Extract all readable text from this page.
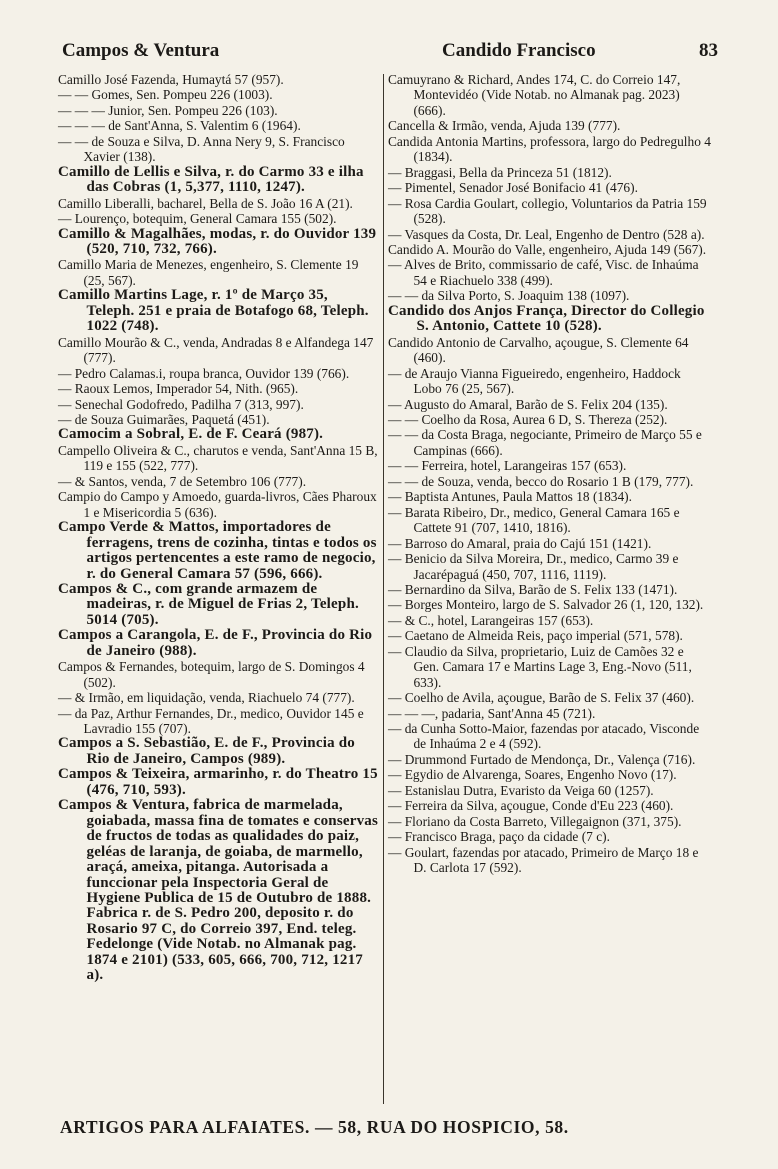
Campos & Ventura	Candido Francisco	83

Camillo José Fazenda, Humaytá 57 (957).

— — Gomes, Sen. Pompeu 226 (1003).

— — — Junior, Sen. Pompeu 226 (103).

— — — de Sant'Anna, S. Valentim 6 (1964).

— — de Souza e Silva, D. Anna Nery 9, S. Francisco Xavier (138).

Camillo de Lellis e Silva, r. do Carmo 33 e ilha das Cobras (1, 5,377, 1110, 1247).

Camillo Liberalli, bacharel, Bella de S. João 16 A (21).

— Lourenço, botequim, General Camara 155 (502).

Camillo & Magalhães, modas, r. do Ouvidor 139 (520, 710, 732, 766).

Camillo Maria de Menezes, engenheiro, S. Clemente 19 (25, 567).

Camillo Martins Lage, r. 1º de Março 35, Teleph. 251 e praia de Botafogo 68, Teleph. 1022 (748).

Camillo Mourão & C., venda, Andradas 8 e Alfandega 147 (777).

— Pedro Calamas.i, roupa branca, Ouvidor 139 (766).

— Raoux Lemos, Imperador 54, Nith. (965).

— Senechal Godofredo, Padilha 7 (313, 997).

— de Souza Guimarães, Paquetá (451).

Camocim a Sobral, E. de F. Ceará (987).

Campello Oliveira & C., charutos e venda, Sant'Anna 15 B, 119 e 155 (522, 777).

— & Santos, venda, 7 de Setembro 106 (777).

Campio do Campo y Amoedo, guarda-livros, Cães Pharoux 1 e Misericordia 5 (636).

Campo Verde & Mattos, importadores de ferragens, trens de cozinha, tintas e todos os artigos pertencentes a este ramo de negocio, r. do General Camara 57 (596, 666).

Campos & C., com grande armazem de madeiras, r. de Miguel de Frias 2, Teleph. 5014 (705).

Campos a Carangola, E. de F., Provincia do Rio de Janeiro (988).

Campos & Fernandes, botequim, largo de S. Domingos 4 (502).

— & Irmão, em liquidação, venda, Riachuelo 74 (777).

— da Paz, Arthur Fernandes, Dr., medico, Ouvidor 145 e Lavradio 155 (707).

Campos a S. Sebastião, E. de F., Provincia do Rio de Janeiro, Campos (989).

Campos & Teixeira, armarinho, r. do Theatro 15 (476, 710, 593).

Campos & Ventura, fabrica de marmelada, goiabada, massa fina de tomates e conservas de fructos de todas as qualidades do paiz, geléas de laranja, de goiaba, de marmello, araçá, ameixa, pitanga. Autorisada a funccionar pela Inspectoria Geral de Hygiene Publica de 15 de Outubro de 1888. Fabrica r. de S. Pedro 200, deposito r. do Rosario 97 C, do Correio 397, End. teleg. Fedelonge (Vide Notab. no Almanak pag. 1874 e 2101) (533, 605, 666, 700, 712, 1217 a).

Camuyrano & Richard, Andes 174, C. do Correio 147, Montevidéo (Vide Notab. no Almanak pag. 2023) (666).

Cancella & Irmão, venda, Ajuda 139 (777).

Candida Antonia Martins, professora, largo do Pedregulho 4 (1834).

— Braggasi, Bella da Princeza 51 (1812).

— Pimentel, Senador José Bonifacio 41 (476).

— Rosa Cardia Goulart, collegio, Voluntarios da Patria 159 (528).

— Vasques da Costa, Dr. Leal, Engenho de Dentro (528 a).

Candido A. Mourão do Valle, engenheiro, Ajuda 149 (567).

— Alves de Brito, commissario de café, Visc. de Inhaúma 54 e Riachuelo 338 (499).

— — da Silva Porto, S. Joaquim 138 (1097).

Candido dos Anjos França, Director do Collegio S. Antonio, Cattete 10 (528).

Candido Antonio de Carvalho, açougue, S. Clemente 64 (460).

— de Araujo Vianna Figueiredo, engenheiro, Haddock Lobo 76 (25, 567).

— Augusto do Amaral, Barão de S. Felix 204 (135).

— — Coelho da Rosa, Aurea 6 D, S. Thereza (252).

— — da Costa Braga, negociante, Primeiro de Março 55 e Campinas (666).

— — Ferreira, hotel, Larangeiras 157 (653).

— — de Souza, venda, becco do Rosario 1 B (179, 777).

— Baptista Antunes, Paula Mattos 18 (1834).

— Barata Ribeiro, Dr., medico, General Camara 165 e Cattete 91 (707, 1410, 1816).

— Barroso do Amaral, praia do Cajú 151 (1421).

— Benicio da Silva Moreira, Dr., medico, Carmo 39 e Jacarépaguá (450, 707, 1116, 1119).

— Bernardino da Silva, Barão de S. Felix 133 (1471).

— Borges Monteiro, largo de S. Salvador 26 (1, 120, 132).

— & C., hotel, Larangeiras 157 (653).

— Caetano de Almeida Reis, paço imperial (571, 578).

— Claudio da Silva, proprietario, Luiz de Camões 32 e Gen. Camara 17 e Martins Lage 3, Eng.-Novo (511, 633).

— Coelho de Avila, açougue, Barão de S. Felix 37 (460).

— — —, padaria, Sant'Anna 45 (721).

— da Cunha Sotto-Maior, fazendas por atacado, Visconde de Inhaúma 2 e 4 (592).

— Drummond Furtado de Mendonça, Dr., Valença (716).

— Egydio de Alvarenga, Soares, Engenho Novo (17).

— Estanislau Dutra, Evaristo da Veiga 60 (1257).

— Ferreira da Silva, açougue, Conde d'Eu 223 (460).

— Floriano da Costa Barreto, Villegaignon (371, 375).

— Francisco Braga, paço da cidade (7 c).

— Goulart, fazendas por atacado, Primeiro de Março 18 e D. Carlota 17 (592).

ARTIGOS PARA ALFAIATES. — 58, RUA DO HOSPICIO, 58.
